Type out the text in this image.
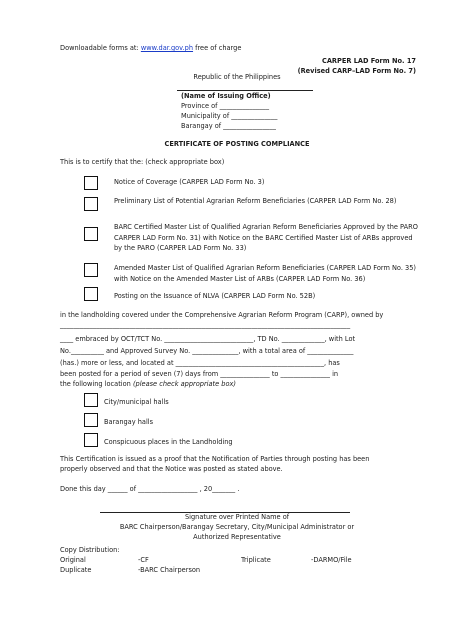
Downloadable forms at: www.dar.gov.ph free of charge
CARPER LAD Form No. 17
(Revised CARP–LAD Form No. 7)
Republic of the Philippines
(Name of Issuing Office)
Province of _______________
Municipality of ______________
Barangay of ________________
CERTIFICATE OF POSTING COMPLIANCE
This is to certify that the: (check appropriate box)
Notice of Coverage (CARPER LAD Form No. 3)
Preliminary List of Potential Agrarian Reform Beneficiaries (CARPER LAD Form No. 28)
BARC Certified Master List of Qualified Agrarian Reform Beneficiaries Approved by the PARO CARPER LAD Form No. 31) with Notice on the BARC Certified Master List of ARBs approved by the PARO (CARPER LAD Form No. 33)
Amended Master List of Qualified Agrarian Reform Beneficiaries (CARPER LAD Form No. 35) with Notice on the Amended Master List of ARBs (CARPER LAD Form No. 36)
Posting on the Issuance of NLVA (CARPER LAD Form No. 52B)
in the landholding covered under the Comprehensive Agrarian Reform Program (CARP), owned by
________________________________________________________________________________________
____ embraced by OCT/TCT No. ___________________________, TD No. _____________, with Lot
No.__________ and Approved Survey No. ______________, with a total area of ______________
(has.) more or less, and located at _____________________________________________, has
been posted for a period of seven (7) days from _______________ to _______________ in
the following location (please check appropriate box)
City/municipal halls
Barangay halls
Conspicuous places in the Landholding
This Certification is issued as a proof that the Notification of Parties through posting has been
properly observed and that the Notice was posted as stated above.
Done this day ______ of __________________ , 20_______ .
Signature over Printed Name of
BARC Chairperson/Barangay Secretary, City/Municipal Administrator or
Authorized Representative
Copy Distribution:
Original	-CF	Triplicate	-DARMO/File
Duplicate	-BARC Chairperson
